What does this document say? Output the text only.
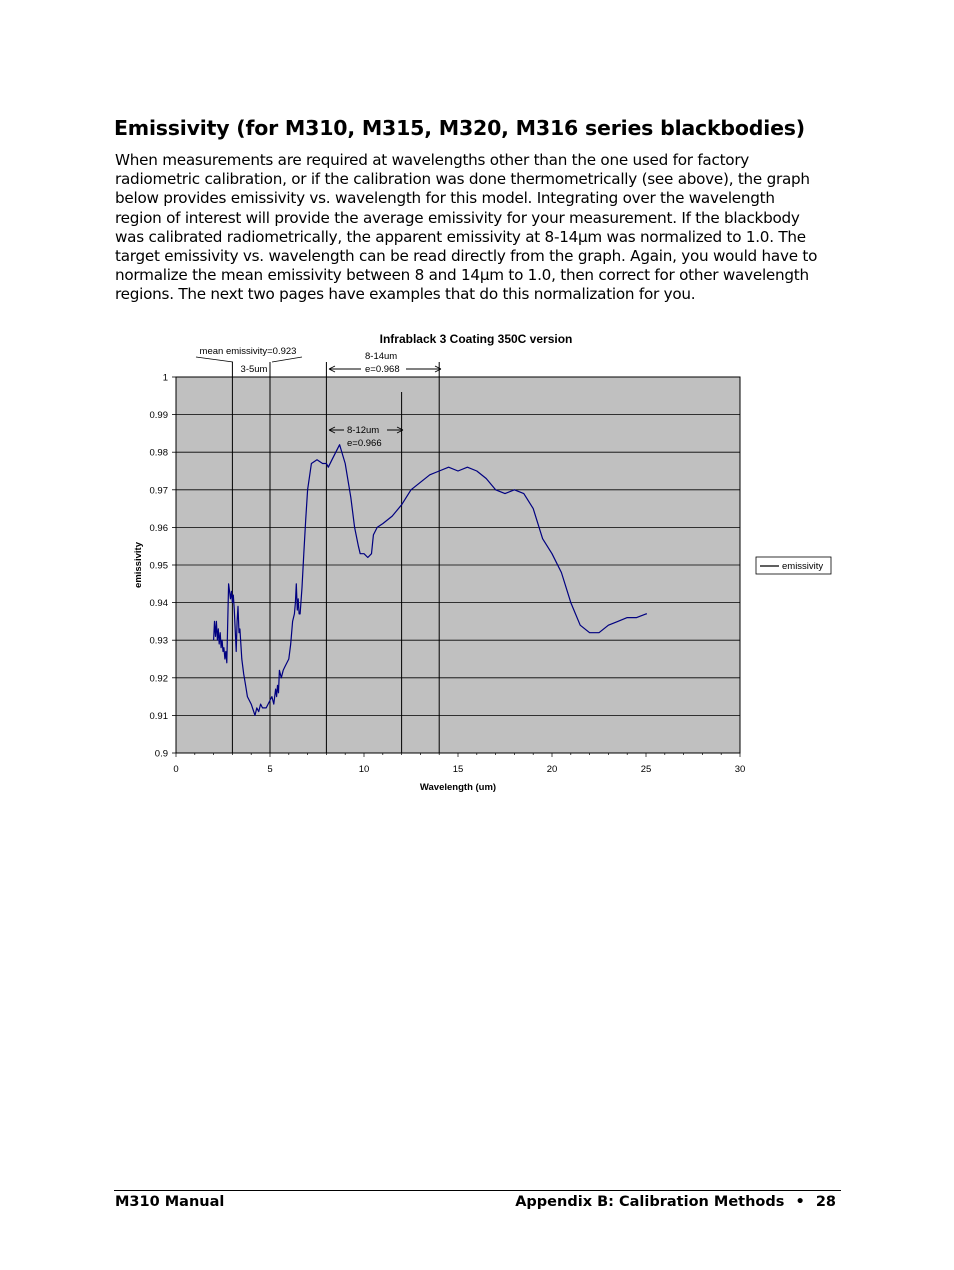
Emissivity (for M310, M315, M320, M316 series blackbodies)
When measurements are required at wavelengths other than the one used for factory
radiometric calibration, or if the calibration was done thermometrically (see above), the graph
below provides emissivity vs. wavelength for this model. Integrating over the wavelength
region of interest will provide the average emissivity for your measurement. If the blackbody
was calibrated radiometrically, the apparent emissivity at 8-14µm was normalized to 1.0. The
target emissivity vs. wavelength can be read directly from the graph. Again, you would have to
normalize the mean emissivity between 8 and 14µm to 1.0, then correct for other wavelength
regions. The next two pages have examples that do this normalization for you.
Infrablack 3 Coating 350C version
0.9
0.91
0.92
0.93
0.94
0.95
0.96
0.97
0.98
0.99
1
0	5	10	15	20	25	30
Wavelength (um)
emissivity
mean emissivity=0.923
3-5um
8-14um
e=0.968
8-12um
e=0.966
emissivity
M310 Manual	Appendix B: Calibration Methods • 28
